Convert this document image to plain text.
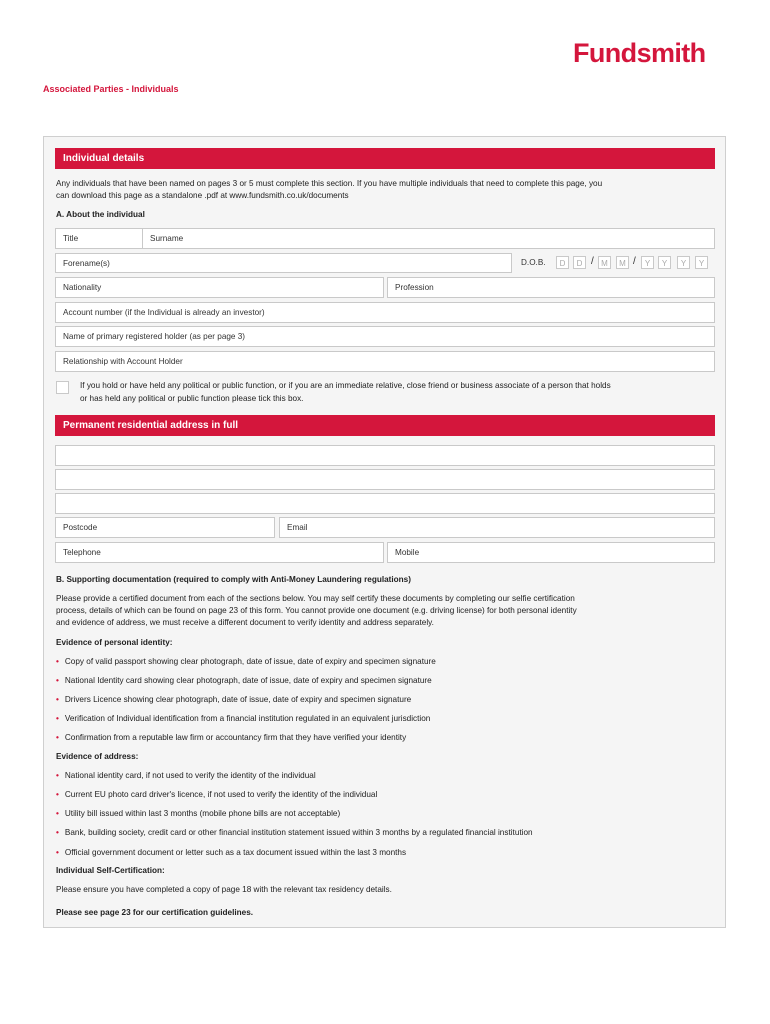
Fundsmith
Associated Parties - Individuals
Individual details
Any individuals that have been named on pages 3 or 5 must complete this section. If you have multiple individuals that need to complete this page, you
can download this page as a standalone .pdf at www.fundsmith.co.uk/documents
A. About the individual
Title	Surname
Forename(s)	D.O.B.	D	D / M	M /	Y	Y	Y	Y
Nationality	Profession
Account number (if the Individual is already an investor)
Name of primary registered holder (as per page 3)
Relationship with Account Holder
If you hold or have held any political or public function, or if you are an immediate relative, close friend or business associate of a person that holds
or has held any political or public function please tick this box.
Permanent residential address in full
Postcode	Email
Telephone	Mobile
B. Supporting documentation (required to comply with Anti-Money Laundering regulations)
Please provide a certified document from each of the sections below. You may self certify these documents by completing our selfie certification
process, details of which can be found on page 23 of this form. You cannot provide one document (e.g. driving license) for both personal identity
and evidence of address, we must receive a different document to verify identity and address separately.
Evidence of personal identity:
• Copy of valid passport showing clear photograph, date of issue, date of expiry and specimen signature
• National Identity card showing clear photograph, date of issue, date of expiry and specimen signature
• Drivers Licence showing clear photograph, date of issue, date of expiry and specimen signature
• Verification of Individual identification from a financial institution regulated in an equivalent jurisdiction
• Confirmation from a reputable law firm or accountancy firm that they have verified your identity
Evidence of address:
• National identity card, if not used to verify the identity of the individual
• Current EU photo card driver's licence, if not used to verify the identity of the individual
• Utility bill issued within last 3 months (mobile phone bills are not acceptable)
• Bank, building society, credit card or other financial institution statement issued within 3 months by a regulated financial institution
• Official government document or letter such as a tax document issued within the last 3 months
Individual Self-Certification:
Please ensure you have completed a copy of page 18 with the relevant tax residency details.
Please see page 23 for our certification guidelines.
